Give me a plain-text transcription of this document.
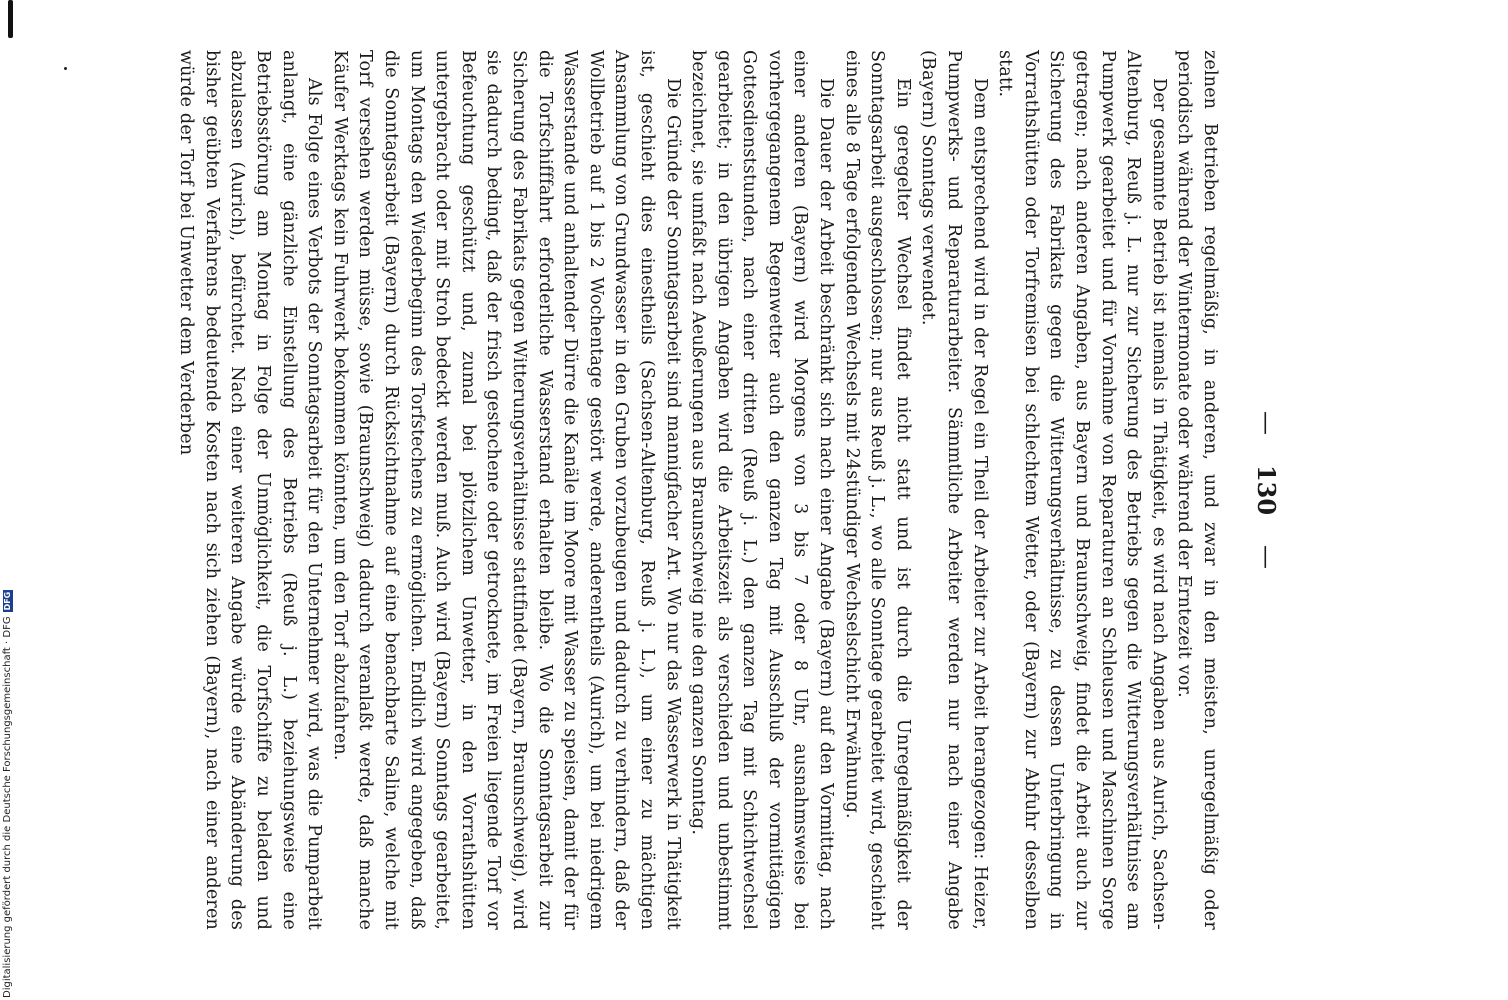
Digitalisierung gefördert durch die Deutsche Forschungsgemeinschaft · DFG
DFG
—
130
—

zelnen Betrieben regelmäßig, in anderen, und zwar in den meisten, unregelmäßig oder periodisch während der Wintermonate oder während der Erntezeit vor.

Der gesammte Betrieb ist niemals in Thätigkeit, es wird nach Angaben aus Aurich, Sachsen-Altenburg, Reuß j. L. nur zur Sicherung des Betriebs gegen die Witterungsverhältnisse am Pumpwerk gearbeitet und für Vornahme von Reparaturen an Schleusen und Maschinen Sorge getragen; nach anderen Angaben, aus Bayern und Braunschweig, findet die Arbeit auch zur Sicherung des Fabrikats gegen die Witterungsverhältnisse, zu dessen Unterbringung in Vorrathshütten oder Torfremisen bei schlechtem Wetter, oder (Bayern) zur Abfuhr desselben statt.

Dem entsprechend wird in der Regel ein Theil der Arbeiter zur Arbeit herangezogen: Heizer, Pumpwerks- und Reparaturarbeiter. Sämmtliche Arbeiter werden nur nach einer Angabe (Bayern) Sonntags verwendet.

Ein geregelter Wechsel findet nicht statt und ist durch die Unregelmäßigkeit der Sonntagsarbeit ausgeschlossen; nur aus Reuß j. L., wo alle Sonntage gearbeitet wird, geschieht eines alle 8 Tage erfolgenden Wechsels mit 24stündiger Wechselschicht Erwähnung.

Die Dauer der Arbeit beschränkt sich nach einer Angabe (Bayern) auf den Vormittag, nach einer anderen (Bayern) wird Morgens von 3 bis 7 oder 8 Uhr, ausnahmsweise bei vorhergegangenem Regenwetter auch den ganzen Tag mit Ausschluß der vormittägigen Gottesdienststunden, nach einer dritten (Reuß j. L.) den ganzen Tag mit Schichtwechsel gearbeitet; in den übrigen Angaben wird die Arbeitszeit als verschieden und unbestimmt bezeichnet, sie umfaßt nach Aeußerungen aus Braunschweig nie den ganzen Sonntag.

Die Gründe der Sonntagsarbeit sind mannigfacher Art. Wo nur das Wasserwerk in Thätigkeit ist, geschieht dies einestheils (Sachsen-Altenburg, Reuß j. L.), um einer zu mächtigen Ansammlung von Grundwasser in den Gruben vorzubeugen und dadurch zu verhindern, daß der Wollbetrieb auf 1 bis 2 Wochentage gestört werde, anderentheils (Aurich), um bei niedrigem Wasserstande und anhaltender Dürre die Kanäle im Moore mit Wasser zu speisen, damit der für die Torfschifffahrt erforderliche Wasserstand erhalten bleibe. Wo die Sonntagsarbeit zur Sicherung des Fabrikats gegen Witterungsverhältnisse stattfindet (Bayern, Braunschweig), wird sie dadurch bedingt, daß der frisch gestochene oder getrocknete, im Freien liegende Torf vor Befeuchtung geschützt und, zumal bei plötzlichem Unwetter, in den Vorrathshütten untergebracht oder mit Stroh bedeckt werden muß. Auch wird (Bayern) Sonntags gearbeitet, um Montags den Wiederbeginn des Torfstechens zu ermöglichen. Endlich wird angegeben, daß die Sonntagsarbeit (Bayern) durch Rücksichtnahme auf eine benachbarte Saline, welche mit Torf versehen werden müsse, sowie (Braunschweig) dadurch veranlaßt werde, daß manche Käufer Werktags kein Fuhrwerk bekommen könnten, um den Torf abzufahren.

Als Folge eines Verbots der Sonntagsarbeit für den Unternehmer wird, was die Pumparbeit anlangt, eine gänzliche Einstellung des Betriebs (Reuß j. L.) beziehungsweise eine Betriebsstörung am Montag in Folge der Unmöglichkeit, die Torfschiffe zu beladen und abzulassen (Aurich), befürchtet. Nach einer weiteren Angabe würde eine Abänderung des bisher geübten Verfahrens bedeutende Kosten nach sich ziehen (Bayern), nach einer anderen würde der Torf bei Unwetter dem Verderben
